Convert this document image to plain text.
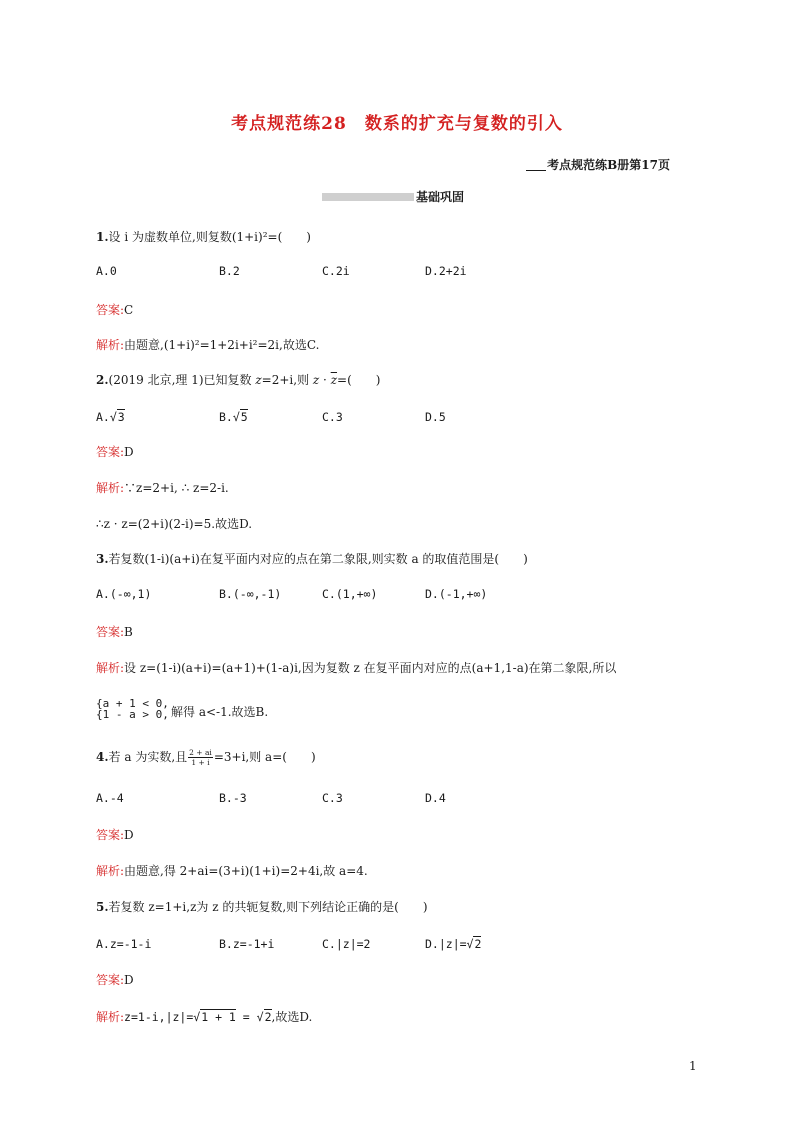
考点规范练28　数系的扩充与复数的引入
考点规范练B册第17页
基础巩固
1.设 i 为虚数单位,则复数(1+i)²=(　　)
A.0	B.2	C.2i	D.2+2i
答案:C
解析:由题意,(1+i)²=1+2i+i²=2i,故选C.
2.(2019 北京,理 1)已知复数 z=2+i,则 $z \cdot \overline{z}=$(　　)
A.√3	B.√5	C.3	D.5
答案:D
解析:∵z=2+i, ∴ z=2-i.
∴z · z=(2+i)(2-i)=5.故选D.
3.若复数(1-i)(a+i)在复平面内对应的点在第二象限,则实数 a 的取值范围是(　　)
A.(-∞,1)	B.(-∞,-1)	C.(1,+∞)	D.(-1,+∞)
答案:B
解析:设 z=(1-i)(a+i)=(a+1)+(1-a)i,因为复数 z 在复平面内对应的点(a+1,1-a)在第二象限,所以
{a + 1 < 0,
{1 - a > 0, 解得 a<-1.故选B.
4.若 a 为实数,且 $\frac{2 + ai}{1 + i} =3+i$,则 a=(　　)
A.-4	B.-3	C.3	D.4
答案:D
解析:由题意,得 2+ai=(3+i)(1+i)=2+4i,故 a=4.
5.若复数 z=1+i,z为 z 的共轭复数,则下列结论正确的是(　　)
A.z=-1-i	B.z=-1+i	C.|z|=2	D.|z|=√2
答案:D
解析:z=1-i,|z|=√1 + 1 = √2,故选D.
1
